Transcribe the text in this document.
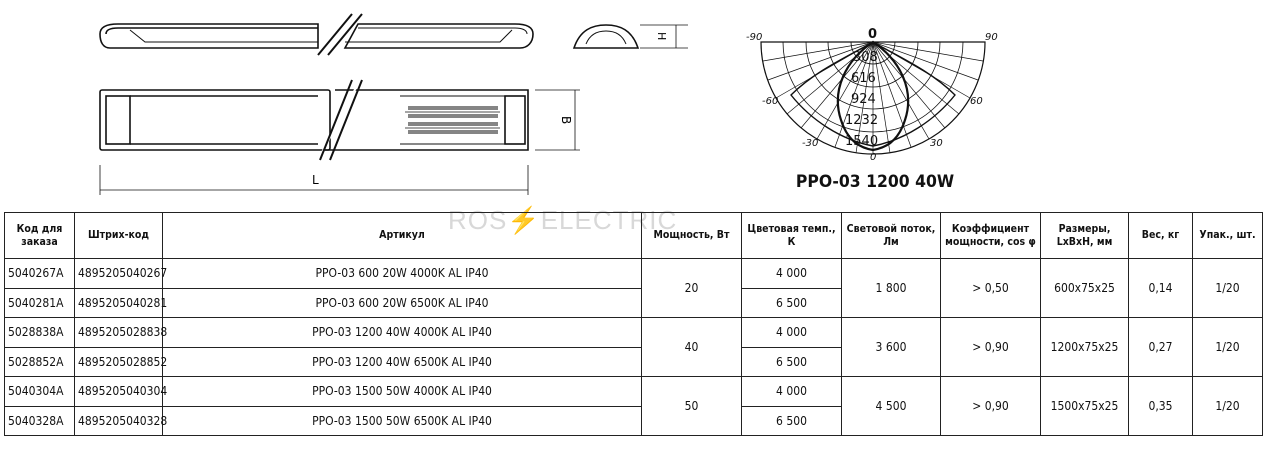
B
L
H	0
0
-90	90
-60	60
-30	30
308
616
924
1232
1540
PPO-03 1200 40W
ROS⚡ELECTRIC
Код для заказа	Штрих-код	Артикул	Мощность, Вт	Цветовая темп., К	Световой поток, Лм	Коэффициент мощности, cos φ	Размеры, LxBxH, мм	Вес, кг	Упак., шт.
5040267A	4895205040267	PPO-03 600 20W 4000K AL IP40	20	4 000	1 800	> 0,50	600x75x25	0,14	1/20
5040281A	4895205040281	PPO-03 600 20W 6500K AL IP40		6 500					
5028838A	4895205028838	PPO-03 1200 40W 4000K AL IP40	40	4 000	3 600	> 0,90	1200x75x25	0,27	1/20
5028852A	4895205028852	PPO-03 1200 40W 6500K AL IP40		6 500					
5040304A	4895205040304	PPO-03 1500 50W 4000K AL IP40	50	4 000	4 500	> 0,90	1500x75x25	0,35	1/20
5040328A	4895205040328	PPO-03 1500 50W 6500K AL IP40		6 500					
